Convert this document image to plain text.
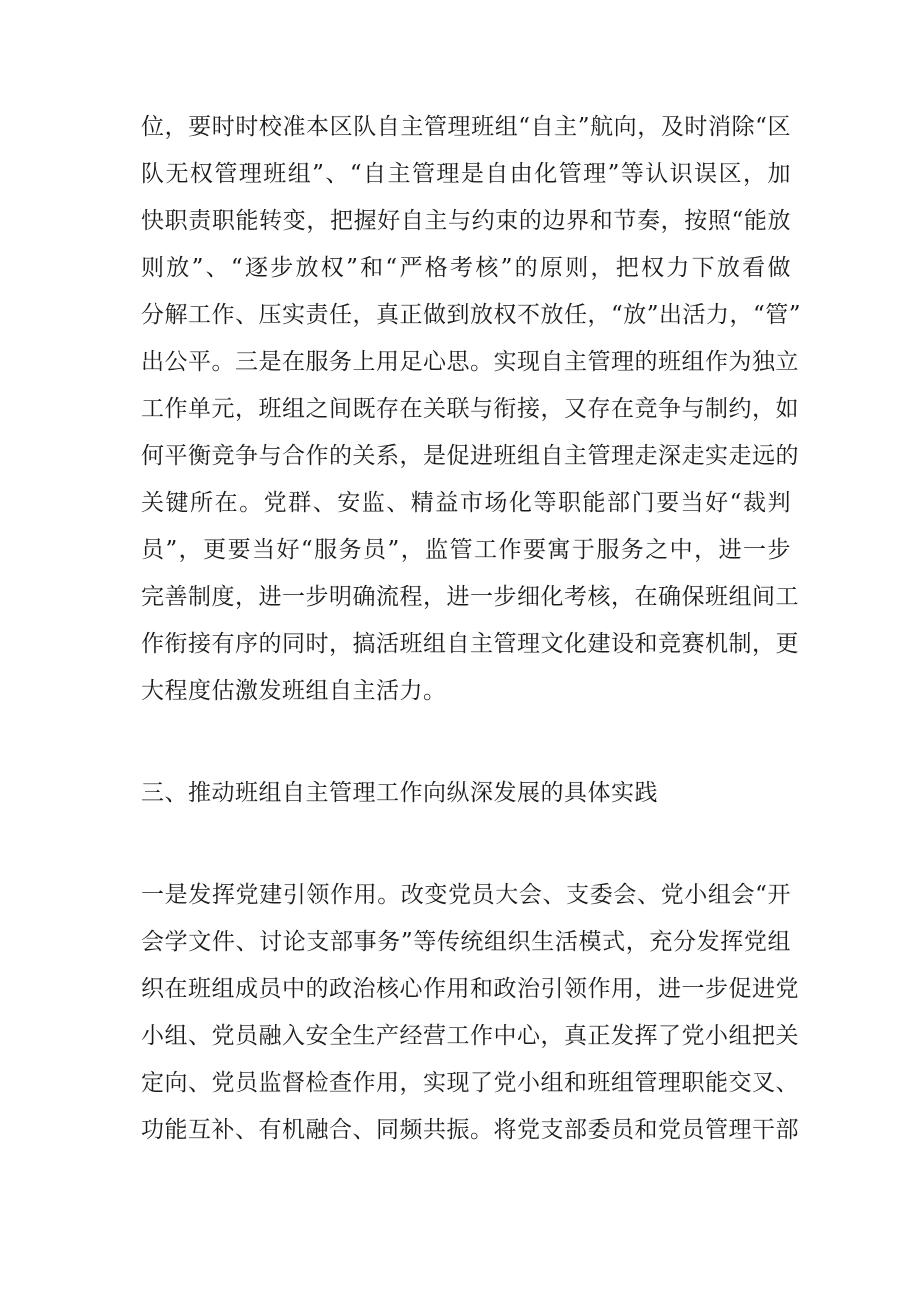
位，要时时校准本区队自主管理班组“自主”航向，及时消除“区
队无权管理班组”、“自主管理是自由化管理”等认识误区，加
快职责职能转变，把握好自主与约束的边界和节奏，按照“能放
则放”、“逐步放权”和“严格考核”的原则，把权力下放看做
分解工作、压实责任，真正做到放权不放任，“放”出活力，“管”
出公平。三是在服务上用足心思。实现自主管理的班组作为独立
工作单元，班组之间既存在关联与衔接，又存在竞争与制约，如
何平衡竞争与合作的关系，是促进班组自主管理走深走实走远的
关键所在。党群、安监、精益市场化等职能部门要当好“裁判
员”，更要当好“服务员”，监管工作要寓于服务之中，进一步
完善制度，进一步明确流程，进一步细化考核，在确保班组间工
作衔接有序的同时，搞活班组自主管理文化建设和竞赛机制，更
大程度估激发班组自主活力。
三、推动班组自主管理工作向纵深发展的具体实践
一是发挥党建引领作用。改变党员大会、支委会、党小组会“开
会学文件、讨论支部事务”等传统组织生活模式，充分发挥党组
织在班组成员中的政治核心作用和政治引领作用，进一步促进党
小组、党员融入安全生产经营工作中心，真正发挥了党小组把关
定向、党员监督检查作用，实现了党小组和班组管理职能交叉、
功能互补、有机融合、同频共振。将党支部委员和党员管理干部
